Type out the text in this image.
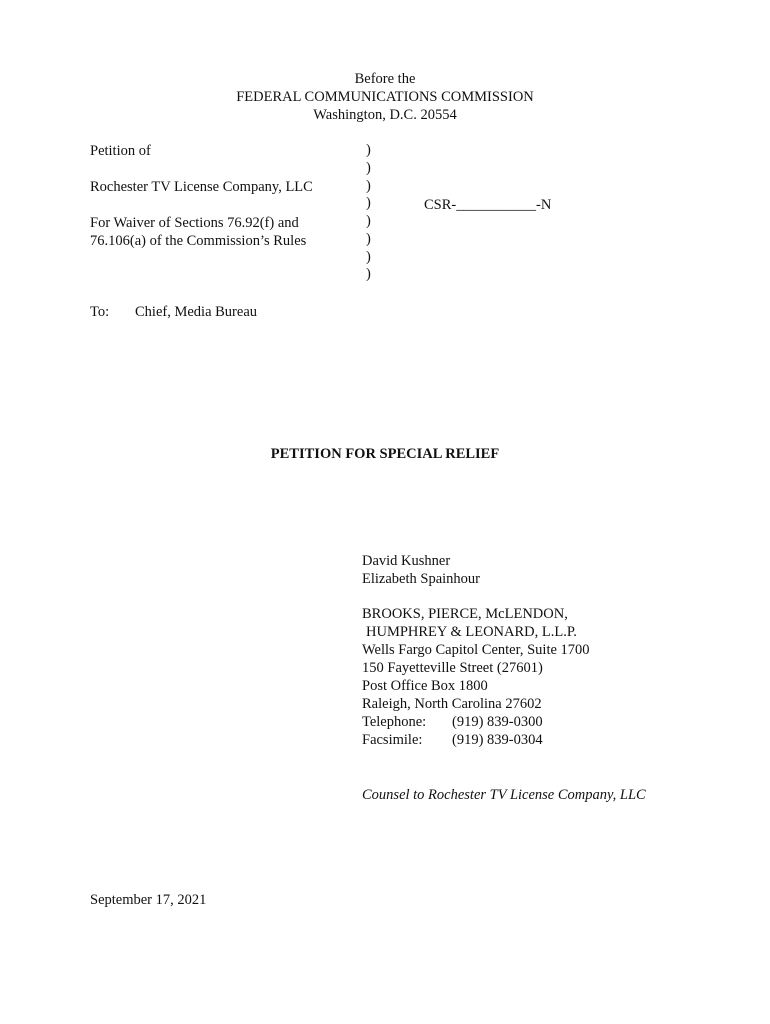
Before the
FEDERAL COMMUNICATIONS COMMISSION
Washington, D.C. 20554
Petition of
Rochester TV License Company, LLC
For Waiver of Sections 76.92(f) and
76.106(a) of the Commission’s Rules
)
)
)
)
)
)
)
)
CSR-___________-N
To: Chief, Media Bureau
PETITION FOR SPECIAL RELIEF
David Kushner
Elizabeth Spainhour
BROOKS, PIERCE, McLENDON,
HUMPHREY & LEONARD, L.L.P.
Wells Fargo Capitol Center, Suite 1700
150 Fayetteville Street (27601)
Post Office Box 1800
Raleigh, North Carolina 27602
Telephone: (919) 839-0300
Facsimile: (919) 839-0304
Counsel to Rochester TV License Company, LLC
September 17, 2021
